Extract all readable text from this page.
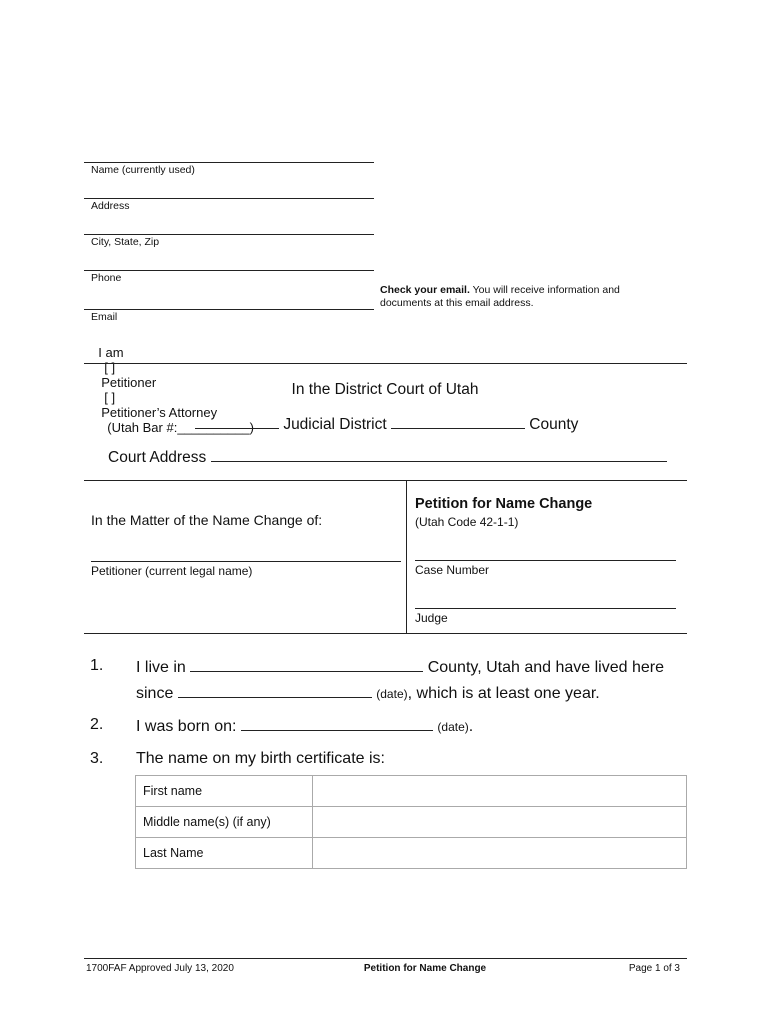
Name (currently used)
Address
City, State, Zip
Phone
Email
Check your email. You will receive information and
documents at this email address.

I am
[ ]
Petitioner
[ ]
Petitioner’s Attorney
(Utah Bar #:__________)

In the District Court of Utah
Judicial District	County
Court Address
In the Matter of the Name Change of:
Petitioner (current legal name)
Petition for Name Change
(Utah Code 42-1-1)
Case Number
Judge
1. I live in	County, Utah and have lived here
since	(date), which is at least one year.
2. I was born on:	(date).
3. The name on my birth certificate is:
First name	
Middle name(s) (if any)	
Last Name	
1700FAF Approved July 13, 2020	Petition for Name Change	Page 1 of 3
